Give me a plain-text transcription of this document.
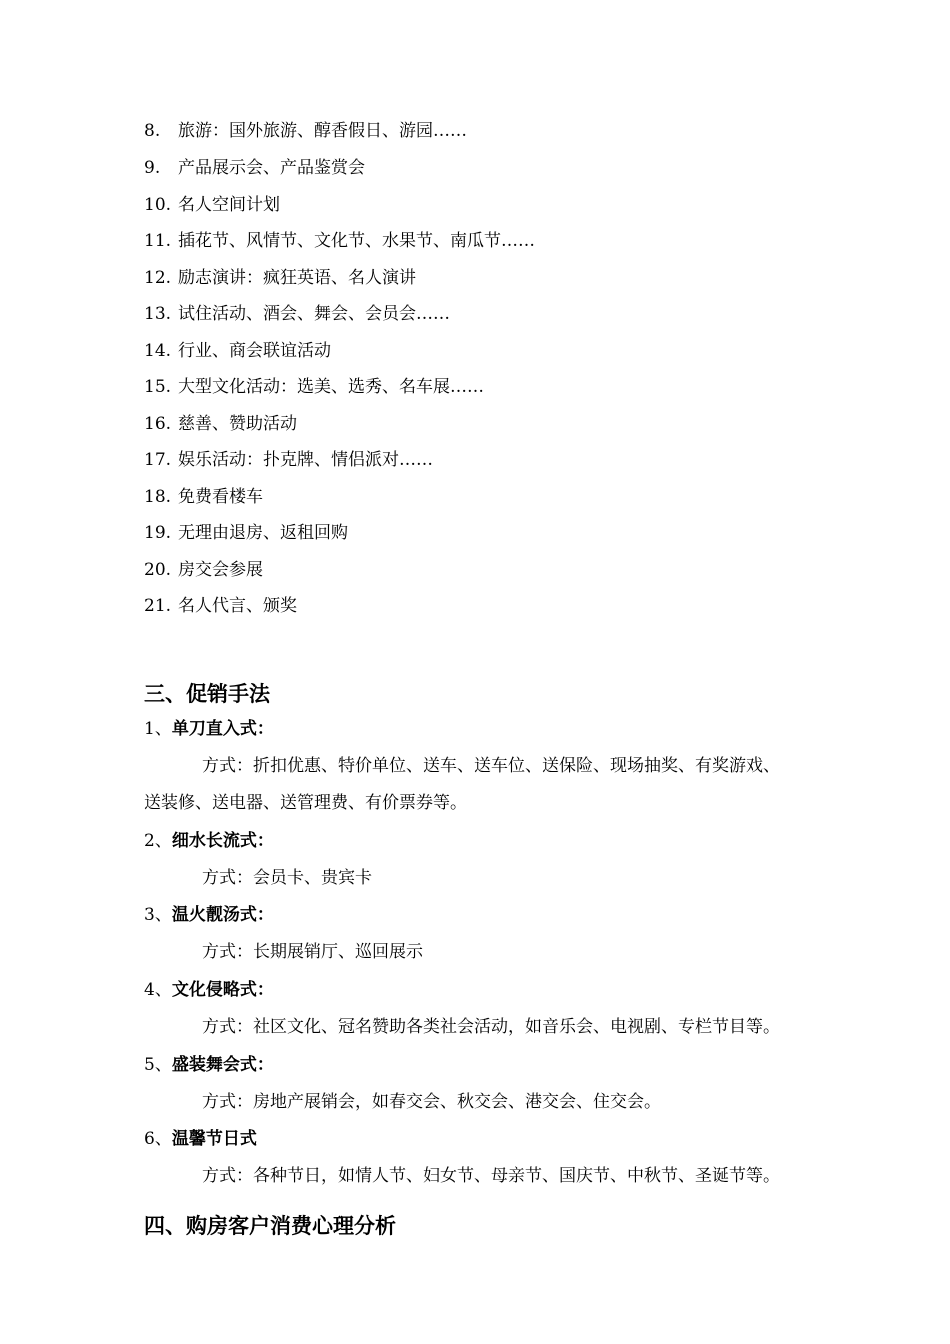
8. 旅游：国外旅游、醇香假日、游园……
9. 产品展示会、产品鉴赏会
10. 名人空间计划
11. 插花节、风情节、文化节、水果节、南瓜节……
12. 励志演讲：疯狂英语、名人演讲
13. 试住活动、酒会、舞会、会员会……
14. 行业、商会联谊活动
15. 大型文化活动：选美、选秀、名车展……
16. 慈善、赞助活动
17. 娱乐活动：扑克牌、情侣派对……
18. 免费看楼车
19. 无理由退房、返租回购
20. 房交会参展
21. 名人代言、颁奖
三、促销手法
1、单刀直入式：
方式：折扣优惠、特价单位、送车、送车位、送保险、现场抽奖、有奖游戏、
送装修、送电器、送管理费、有价票券等。
2、细水长流式：
方式：会员卡、贵宾卡
3、温火靓汤式：
方式：长期展销厅、巡回展示
4、文化侵略式：
方式：社区文化、冠名赞助各类社会活动，如音乐会、电视剧、专栏节目等。
5、盛装舞会式：
方式：房地产展销会，如春交会、秋交会、港交会、住交会。
6、温馨节日式
方式：各种节日，如情人节、妇女节、母亲节、国庆节、中秋节、圣诞节等。
四、购房客户消费心理分析
